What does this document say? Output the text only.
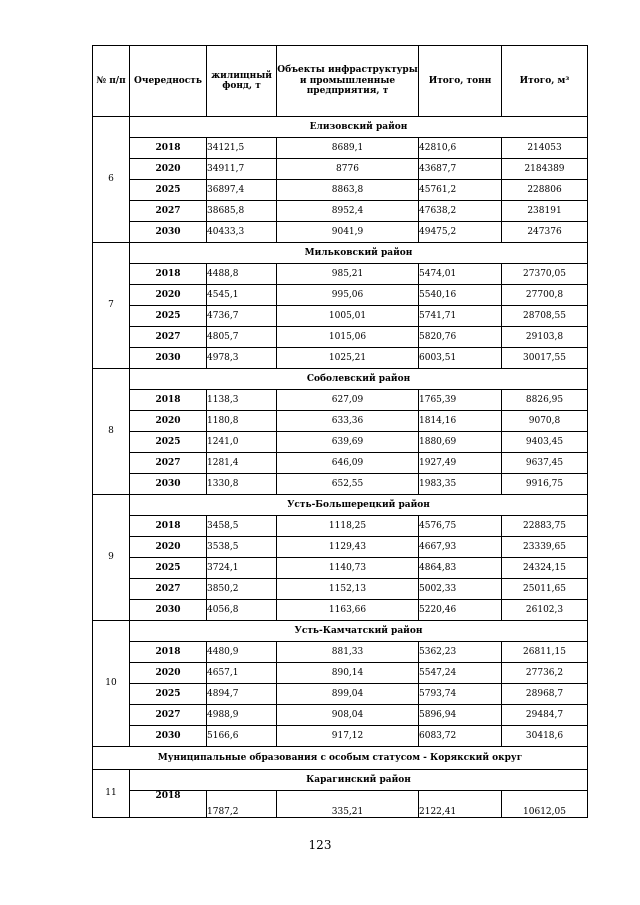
№ п/п	Очередность	жилищный фонд, т	Объекты инфраструктуры и промышленные предприятия, т	Итого, тонн	Итого, м³
6	Елизовский район				
	2018	34121,5	8689,1	42810,6	214053
	2020	34911,7	8776	43687,7	2184389
	2025	36897,4	8863,8	45761,2	228806
	2027	38685,8	8952,4	47638,2	238191
	2030	40433,3	9041,9	49475,2	247376
7	Мильковский район				
	2018	4488,8	985,21	5474,01	27370,05
	2020	4545,1	995,06	5540,16	27700,8
	2025	4736,7	1005,01	5741,71	28708,55
	2027	4805,7	1015,06	5820,76	29103,8
	2030	4978,3	1025,21	6003,51	30017,55
8	Соболевский район				
	2018	1138,3	627,09	1765,39	8826,95
	2020	1180,8	633,36	1814,16	9070,8
	2025	1241,0	639,69	1880,69	9403,45
	2027	1281,4	646,09	1927,49	9637,45
	2030	1330,8	652,55	1983,35	9916,75
9	Усть-Большерецкий район				
	2018	3458,5	1118,25	4576,75	22883,75
	2020	3538,5	1129,43	4667,93	23339,65
	2025	3724,1	1140,73	4864,83	24324,15
	2027	3850,2	1152,13	5002,33	25011,65
	2030	4056,8	1163,66	5220,46	26102,3
10	Усть-Камчатский район				
	2018	4480,9	881,33	5362,23	26811,15
	2020	4657,1	890,14	5547,24	27736,2
	2025	4894,7	899,04	5793,74	28968,7
	2027	4988,9	908,04	5896,94	29484,7
	2030	5166,6	917,12	6083,72	30418,6
Муниципальные образования с особым статусом - Корякский округ					
11	Карагинский район				
	2018	1787,2	335,21	2122,41	10612,05
123
